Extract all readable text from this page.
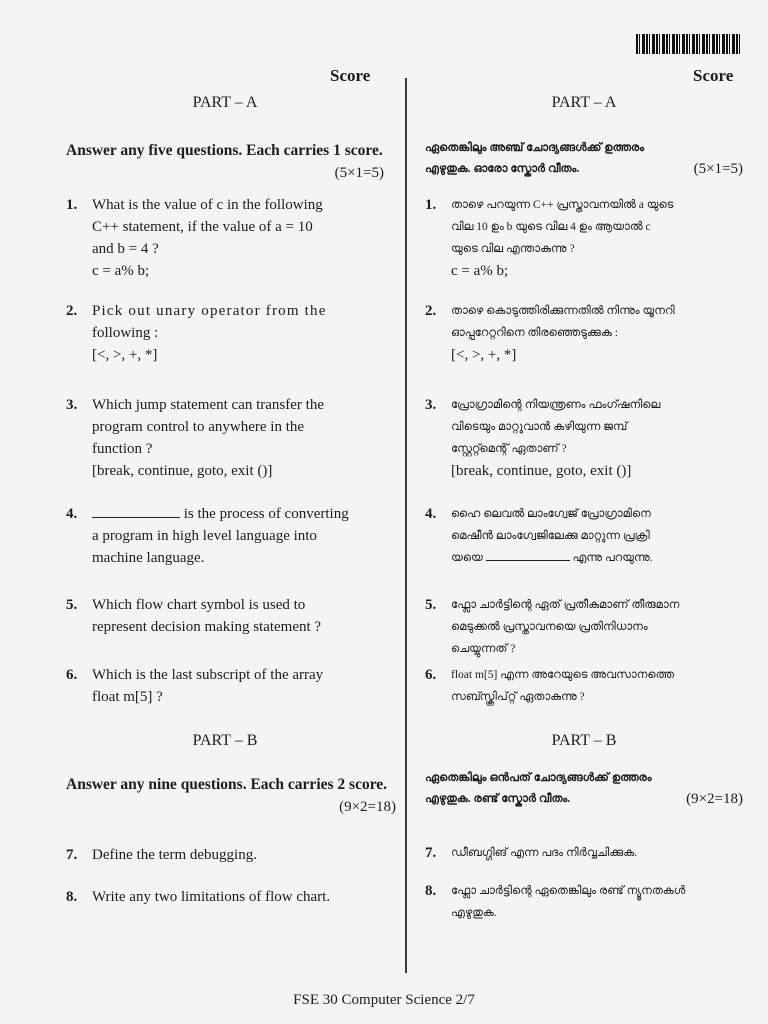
Score
PART – A
Answer any five questions. Each carries 1 score.
(5×1=5)
1. What is the value of c in the following
C++ statement, if the value of a = 10
and b = 4 ?
c = a% b;
2. Pick out unary operator from the
following :
[<, >, +, *]
3. Which jump statement can transfer the
program control to anywhere in the
function ?
[break, continue, goto, exit ()]
4.	is the process of converting
a program in high level language into
machine language.
5. Which flow chart symbol is used to
represent decision making statement ?
6. Which is the last subscript of the array
float m[5] ?
PART – B
Answer any nine questions. Each carries 2 score.
(9×2=18)
7. Define the term debugging.
8. Write any two limitations of flow chart.
Score
PART – A
ഏതെങ്കിലും അഞ്ച് ചോദ്യങ്ങൾക്ക് ഉത്തരം
എഴുതുക. ഓരോ സ്കോർ വീതം.	(5×1=5)
1. താഴെ പറയുന്ന C++ പ്രസ്താവനയിൽ a യുടെ
വില 10 ഉം b യുടെ വില 4 ഉം ആയാൽ c
യുടെ വില എന്താകുന്നു ?
c = a% b;
2. താഴെ കൊടുത്തിരിക്കുന്നതിൽ നിന്നും യൂനറി
ഓപ്പറേറ്ററിനെ തിരഞ്ഞെടുക്കുക :
[<, >, +, *]
3. പ്രോഗ്രാമിന്റെ നിയന്ത്രണം ഫംഗ്ഷനിലെ
വിടെയും മാറ്റുവാൻ കഴിയുന്ന ജമ്പ്
സ്റ്റേറ്റ്മെന്റ് ഏതാണ് ?
[break, continue, goto, exit ()]
4. ഹൈ ലെവൽ ലാംഗ്വേജ് പ്രോഗ്രാമിനെ
മെഷീൻ ലാംഗ്വേജിലേക്കു മാറ്റുന്ന പ്രക്രി
യയെ	എന്നു പറയുന്നു.
5. ഫ്ലോ ചാർട്ടിന്റെ ഏത് പ്രതീകമാണ് തീരുമാന
മെടുക്കൽ പ്രസ്താവനയെ പ്രതിനിധാനം
ചെയ്യുന്നത് ?
6. float m[5] എന്ന അറേയുടെ അവസാനത്തെ
സബ്സ്ക്രിപ്റ്റ് ഏതാകുന്നു ?
PART – B
ഏതെങ്കിലും ഒൻപത് ചോദ്യങ്ങൾക്ക് ഉത്തരം
എഴുതുക. രണ്ട് സ്കോർ വീതം.	(9×2=18)
7. ഡീബഗ്ഗിങ് എന്ന പദം നിർവ്വചിക്കുക.
8. ഫ്ലോ ചാർട്ടിന്റെ ഏതെങ്കിലും രണ്ട് ന്യൂനതകൾ
എഴുതുക.
FSE 30 Computer Science 2/7
